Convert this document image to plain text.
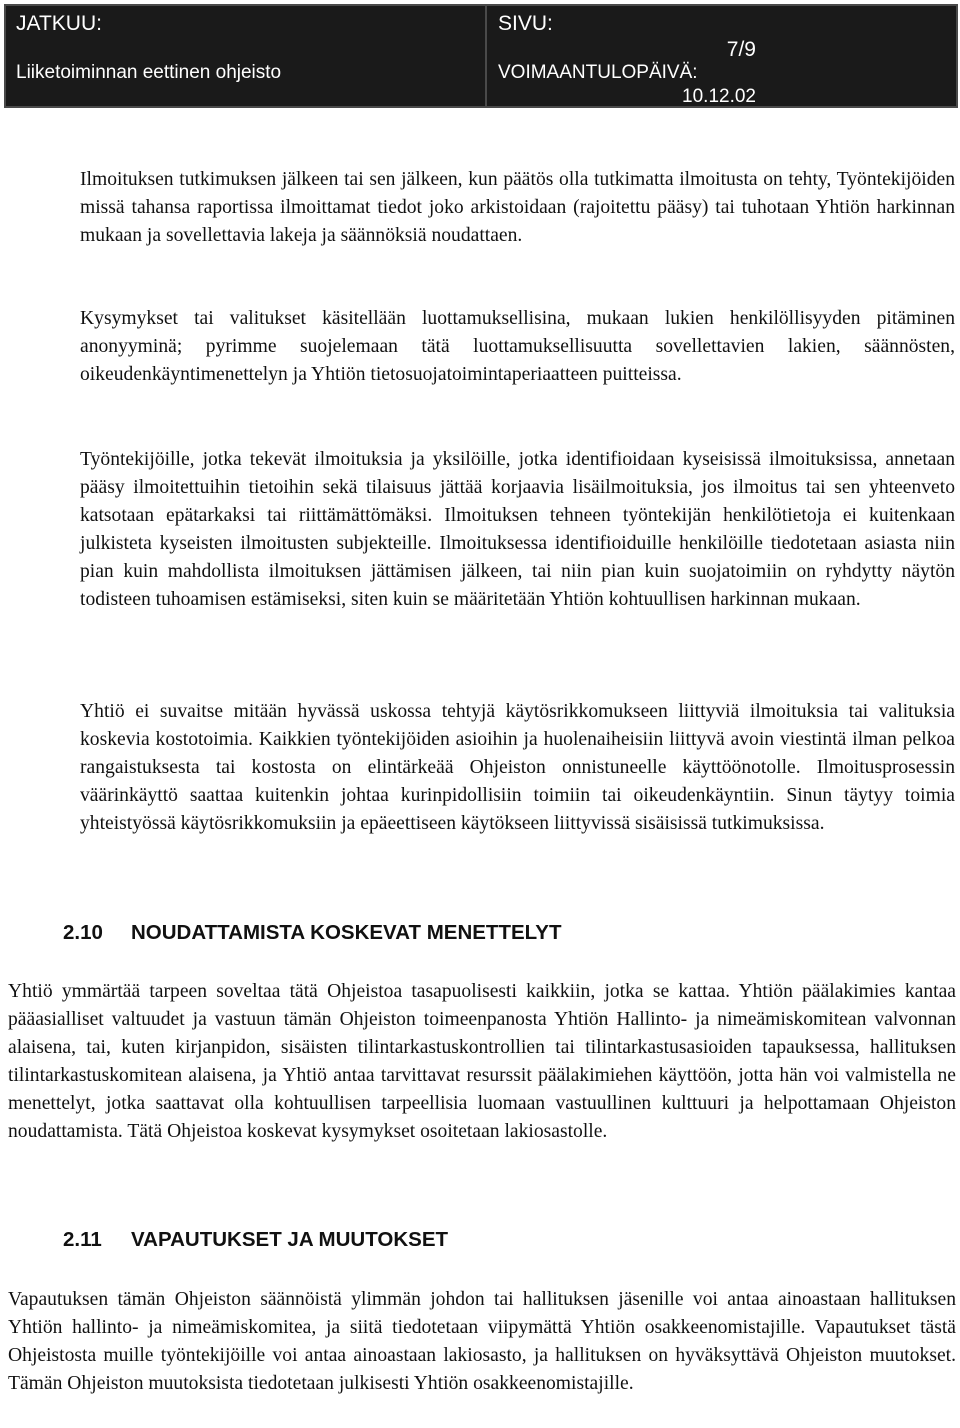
JATKUU:
Liiketoiminnan eettinen ohjeisto
SIVU:
7/9
VOIMAANTULOPÄIVÄ:
10.12.02

Ilmoituksen tutkimuksen jälkeen tai sen jälkeen, kun päätös olla tutkimatta ilmoitusta on tehty, Työntekijöiden missä tahansa raportissa ilmoittamat tiedot joko arkistoidaan (rajoitettu pääsy) tai tuhotaan Yhtiön harkinnan mukaan ja sovellettavia lakeja ja säännöksiä noudattaen.

Kysymykset tai valitukset käsitellään luottamuksellisina, mukaan lukien henkilöllisyyden pitäminen anonyyminä; pyrimme suojelemaan tätä luottamuksellisuutta sovellettavien lakien, säännösten, oikeudenkäyntimenettelyn ja Yhtiön tietosuojatoimintaperiaatteen puitteissa.

Työntekijöille, jotka tekevät ilmoituksia ja yksilöille, jotka identifioidaan kyseisissä ilmoituksissa, annetaan pääsy ilmoitettuihin tietoihin sekä tilaisuus jättää korjaavia lisäilmoituksia, jos ilmoitus tai sen yhteenveto katsotaan epätarkaksi tai riittämättömäksi. Ilmoituksen tehneen työntekijän henkilötietoja ei kuitenkaan julkisteta kyseisten ilmoitusten subjekteille. Ilmoituksessa identifioiduille henkilöille tiedotetaan asiasta niin pian kuin mahdollista ilmoituksen jättämisen jälkeen, tai niin pian kuin suojatoimiin on ryhdytty näytön todisteen tuhoamisen estämiseksi, siten kuin se määritetään Yhtiön kohtuullisen harkinnan mukaan.

Yhtiö ei suvaitse mitään hyvässä uskossa tehtyjä käytösrikkomukseen liittyviä ilmoituksia tai valituksia koskevia kostotoimia. Kaikkien työntekijöiden asioihin ja huolenaiheisiin liittyvä avoin viestintä ilman pelkoa rangaistuksesta tai kostosta on elintärkeää Ohjeiston onnistuneelle käyttöönotolle. Ilmoitusprosessin väärinkäyttö saattaa kuitenkin johtaa kurinpidollisiin toimiin tai oikeudenkäyntiin. Sinun täytyy toimia yhteistyössä käytösrikkomuksiin ja epäeettiseen käytökseen liittyvissä sisäisissä tutkimuksissa.

2.10 NOUDATTAMISTA KOSKEVAT MENETTELYT

Yhtiö ymmärtää tarpeen soveltaa tätä Ohjeistoa tasapuolisesti kaikkiin, jotka se kattaa. Yhtiön päälakimies kantaa pääasialliset valtuudet ja vastuun tämän Ohjeiston toimeenpanosta Yhtiön Hallinto- ja nimeämiskomitean valvonnan alaisena, tai, kuten kirjanpidon, sisäisten tilintarkastuskontrollien tai tilintarkastusasioiden tapauksessa, hallituksen tilintarkastuskomitean alaisena, ja Yhtiö antaa tarvittavat resurssit päälakimiehen käyttöön, jotta hän voi valmistella ne menettelyt, jotka saattavat olla kohtuullisen tarpeellisia luomaan vastuullinen kulttuuri ja helpottamaan Ohjeiston noudattamista. Tätä Ohjeistoa koskevat kysymykset osoitetaan lakiosastolle.

2.11 VAPAUTUKSET JA MUUTOKSET

Vapautuksen tämän Ohjeiston säännöistä ylimmän johdon tai hallituksen jäsenille voi antaa ainoastaan hallituksen Yhtiön hallinto- ja nimeämiskomitea, ja siitä tiedotetaan viipymättä Yhtiön osakkeenomistajille. Vapautukset tästä Ohjeistosta muille työntekijöille voi antaa ainoastaan lakiosasto, ja hallituksen on hyväksyttävä Ohjeiston muutokset. Tämän Ohjeiston muutoksista tiedotetaan julkisesti Yhtiön osakkeenomistajille.
